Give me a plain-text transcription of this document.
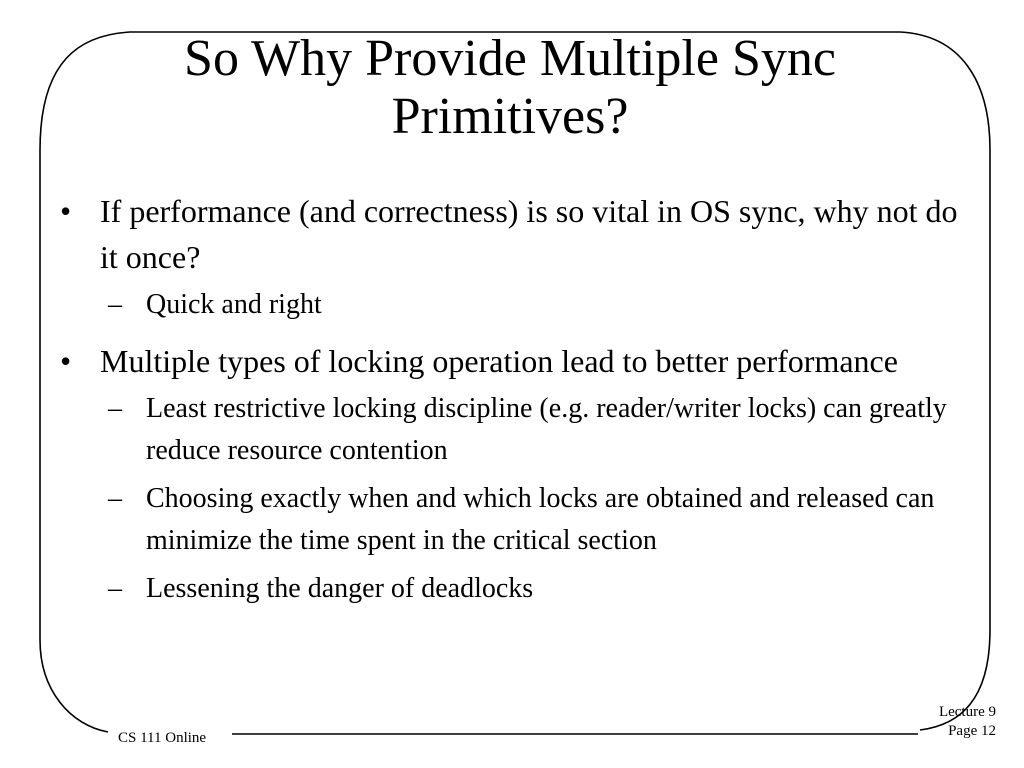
So Why Provide Multiple Sync
Primitives?
• If performance (and correctness) is so vital in OS sync, why not do it once?
– Quick and right
• Multiple types of locking operation lead to better performance
– Least restrictive locking discipline (e.g. reader/writer locks) can greatly reduce resource contention
– Choosing exactly when and which locks are obtained and released can minimize the time spent in the critical section
– Lessening the danger of deadlocks
CS 111 Online
Lecture 9
Page 12
